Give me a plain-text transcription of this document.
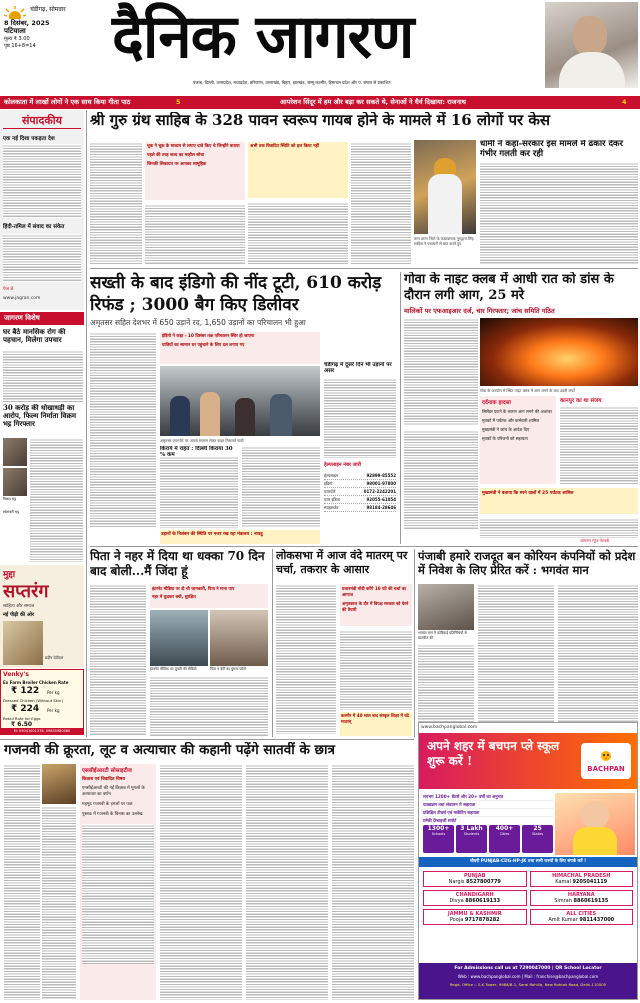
चंडीगढ़, सोमवार
8 दिसंबर, 2025
पटियाला
मूल्य ₹ 3.00
पृष्ठ 16+8=14 दैनिक जागरण
पंजाब, दिल्ली, उत्तरप्रदेश, मध्यप्रदेश, हरियाणा, उत्तराखंड, बिहार, झारखंड, जम्मू-कश्मीर, हिमाचल प्रदेश और पं. बंगाल से प्रकाशित
कोलकाता में लाखों लोगों ने एक साथ किया गीता पाठ	5	आपरेशन सिंदूर में हम और बड़ा कर सकते थे, सेनाओं ने धैर्य दिखाया: राजनाथ	4
संपादकीय
एक नई दिशा पकड़ता देश
हिंदी-तमिल में संवाद का संकेत
पेज 8
www.jagran.com
जागरण विशेष
घर बैठे मानसिक रोग की पहचान, मिलेगा उपचार
30 करोड़ की धोखाधड़ी का आरोप, फिल्म निर्माता विक्रम भट्ट गिरफ्तार
विक्रम भट्ट
श्वेतांबरी भट्ट
मुद्दा
सप्तरंग
साहित्य और समाज
नई पीढ़ी की ओर
प्रदीप देवीदत्त
Venky's
Ex Farm Broiler Chicken Rate
₹ 122 Per kg
Dressed Chicken (Without Skin)
₹ 224 Per kg
Retail Rate for Eggs
₹ 6.50
M: 09041001378, 09855980080
श्री गुरु ग्रंथ साहिब के 328 पावन स्वरूप गायब होने के मामले में 16 लोगों पर केस
चूक ने चूक के माध्यम से लगाए दावे किए थे जिन्होंने बताया
पहले की तरह जल्द का माहौल सोचा
जिनकी शिकायत पर आपका सामूहिक
अभी तक विवादित स्थिति को हल किया नहीं
तरन तारन जिले के कथावाचक गुरुद्वारा सिंह साहिब ने पत्रकारों से बात करते हुए
धामी ने कहा-सरकार इस मामले में ढकार देकर गंभीर गलती कर रही
सख्ती के बाद इंडिगो की नींद टूटी, 610 करोड़ रिफंड ; 3000 बैग किए डिलीवर
अमृतसर सहित देशभर में 650 उड़ानें रद, 1,650 उड़ानों का परिचालन भी हुआ
इंडिगो ने कहा - 10 दिसंबर तक परिचालन स्थिर हो जाएगा
यात्रियों का सामान घर पहुंचाने के लिए दल लगाए गए
अमृतसर एयरपोर्ट पर अपना सामान लेकर बाहर निकलते यात्री
किराये में राहत : दिल्ली किराया 30
उड़ानों के निलंबन की स्थिति पर नजर रख रहा मंत्रालय : नायडू
चंडीगढ़ में दूसरे दिन भी उड़ानों पर असर
हेल्पलाइन नंबर जारी
हेल्पलाइन	92899-85552
इंडिगो	98001-97800
एयरपोर्ट	0172-2242201
एयर इंडिया	92055-61054
स्पाइसजेट	98184-28646
गोवा के नाइट क्लब में आधी रात को डांस के दौरान लगी आग, 25 मरे
मालिकों पर एफआइआर दर्ज, चार गिरफ्तार; जांच समिति गठित
गोवा के अरपोरा में स्थित नाइट क्लब में आग लगने के बाद उठती लपटें
दर्दनाक हादसा
सिलेंडर फटने के कारण आग लगने की आशंका
मृतकों में पर्यटक और कर्मचारी शामिल
मुख्यमंत्री ने जांच के आदेश दिए
मृतकों के परिजनों को सहायता
कानपुर का था संजय
मुख्यमंत्री ने बताया कि मरने वालों में 25 पर्यटक शामिल
जागरण न्यूज नेटवर्क
पिता ने नहर में दिया था धक्का 70 दिन बाद बोली...मैं जिंदा हूं
इंटरनेट मीडिया पर दी थी जानकारी, पिता ने माना पाप
नहर में कूदकर बची, सुरक्षित
इंटरनेट मीडिया पर युवती की वीडियो	पिता व बेटी का पुराना फोटो
लोकसभा में आज वंदे मातरम् पर चर्चा, तकरार के आसार
प्रधानमंत्री मोदी करेंगे 10 घंटे की चर्चा का आगाज
अमृतकाल के दौर में विपक्ष सरकार को घेरने की तैयारी
कश्मीर में 40 साल बाद संस्कृत शिक्षा में वंदे मातरम्
पंजाबी हमारे राजदूत बन कोरियन कंपनियों को प्रदेश में निवेश के लिए प्रेरित करें : भगवंत मान
भगवंत मान ने कोरियाई प्रतिनिधियों से बातचीत की
www.bachpanglobal.com
अपने शहर में बचपन प्ले स्कूल शुरू करें !
BACHPAN
लगभग 1200+ सेंटर्स और 20+ वर्षों का अनुभव
पाठ्यक्रम तथा संचालन में सहायता
प्रशिक्षित टीचर्स एवं मार्केटिंग सहायता
टर्नकी फ्रेंचाइजी सपोर्ट
1300+
Schools
3 Lakh
Students
400+
Cities
25
States
चौधरी PUNJAB-CDG-HP-JK तथा सभी राज्यों के लिए संपर्क करें !
PUNJAB
Nargis 8527800779
HIMACHAL PRADESH
Kamal 9205041119
CHANDIGARH
Divya 8860619133
HARYANA
Simran 8860619135
JAMMU & KASHMIR
Pooja 9717878282
ALL CITIES
Amit Kumar 9811437000
For Admissions call us at 7290047000 | QR School Locator
Web : www.bachpanglobal.com | Mail : franchise@bachpanglobal.com
Regd. Office :- S.K Tower, 9988/B-1, Sarai Rohilla, New Rohtak Road, Delhi-110005
गजनवी की क्रूरता, लूट व अत्याचार की कहानी पढ़ेंगे सातवीं के छात्र
एससीईआरटी सोसाइटीज
किताब एवं विवादित विषय
एनसीईआरटी की नई किताब में मुगलों के अत्याचार का वर्णन
महमूद गजनवी के हमलों पर पाठ
पुस्तक में गजनवी के विनाश का उल्लेख
